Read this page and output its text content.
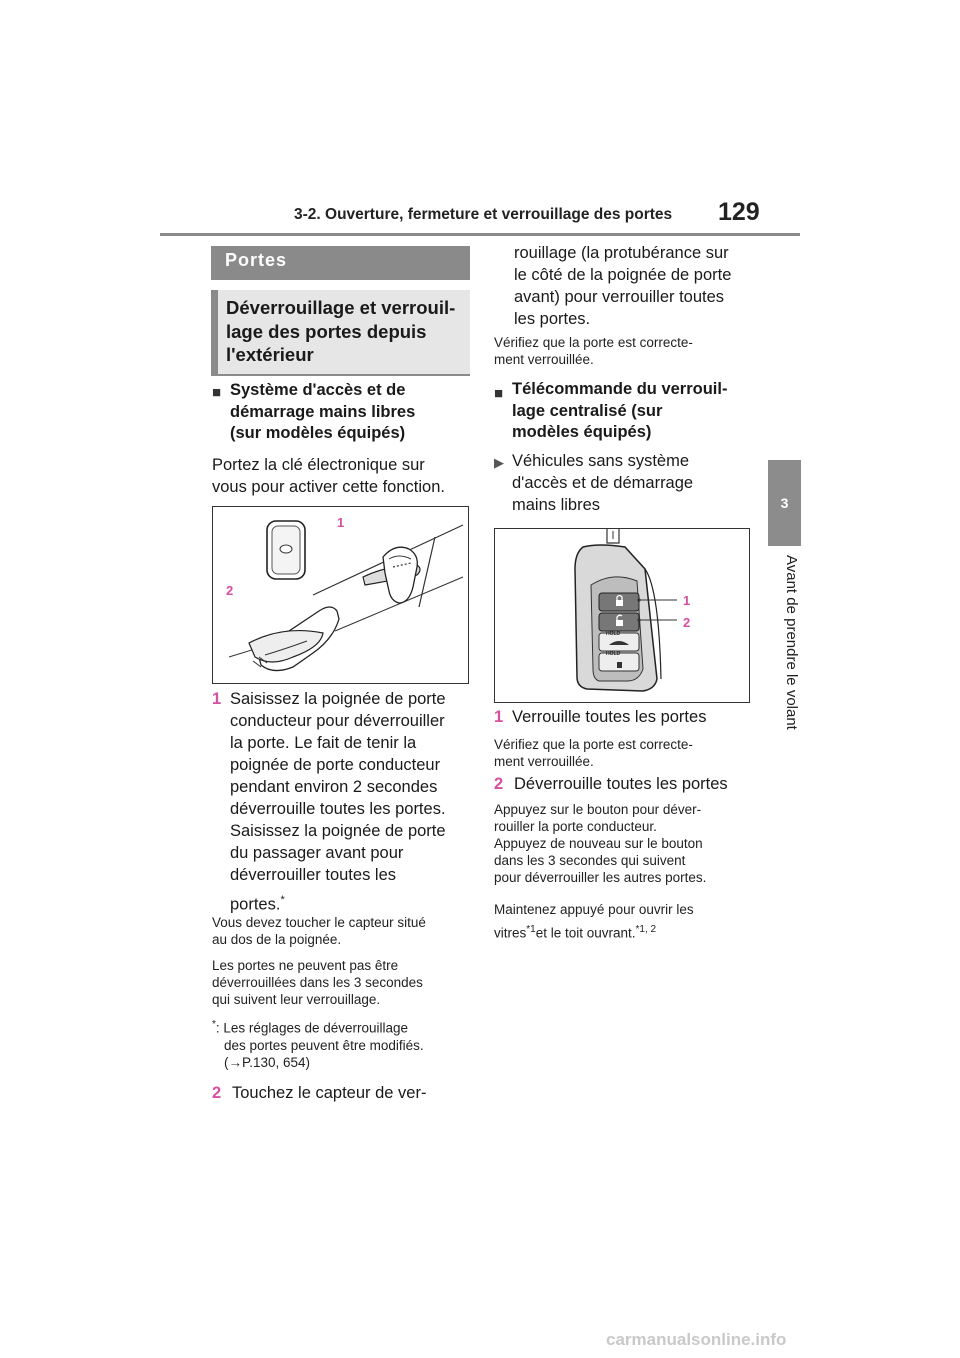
3-2. Ouverture, fermeture et verrouillage des portes 129
3
Avant de prendre le volant
Portes
Déverrouillage et verrouil-
lage des portes depuis
l'extérieur
■ Système d'accès et de
démarrage mains libres
(sur modèles équipés)
Portez la clé électronique sur
vous pour activer cette fonction.
1
2
1 Saisissez la poignée de porte
conducteur pour déverrouiller
la porte. Le fait de tenir la
poignée de porte conducteur
pendant environ 2 secondes
déverrouille toutes les portes.
Saisissez la poignée de porte
du passager avant pour
déverrouiller toutes les
portes.*
Vous devez toucher le capteur situé
au dos de la poignée.
Les portes ne peuvent pas être
déverrouillées dans les 3 secondes
qui suivent leur verrouillage.
*: Les réglages de déverrouillage
des portes peuvent être modifiés.
(→P.130, 654)
2 Touchez le capteur de ver-
rouillage (la protubérance sur
le côté de la poignée de porte
avant) pour verrouiller toutes
les portes.
Vérifiez que la porte est correcte-
ment verrouillée.
■ Télécommande du verrouil-
lage centralisé (sur
modèles équipés)
▶ Véhicules sans système
d'accès et de démarrage
mains libres
HOLD
HOLD
1
2
1 Verrouille toutes les portes
Vérifiez que la porte est correcte-
ment verrouillée.
2 Déverrouille toutes les portes
Appuyez sur le bouton pour déver-
rouiller la porte conducteur.
Appuyez de nouveau sur le bouton
dans les 3 secondes qui suivent
pour déverrouiller les autres portes.
Maintenez appuyé pour ouvrir les
vitres$^{*1}$et le toit ouvrant.$^{*1, 2}$
carmanualsonline.info
